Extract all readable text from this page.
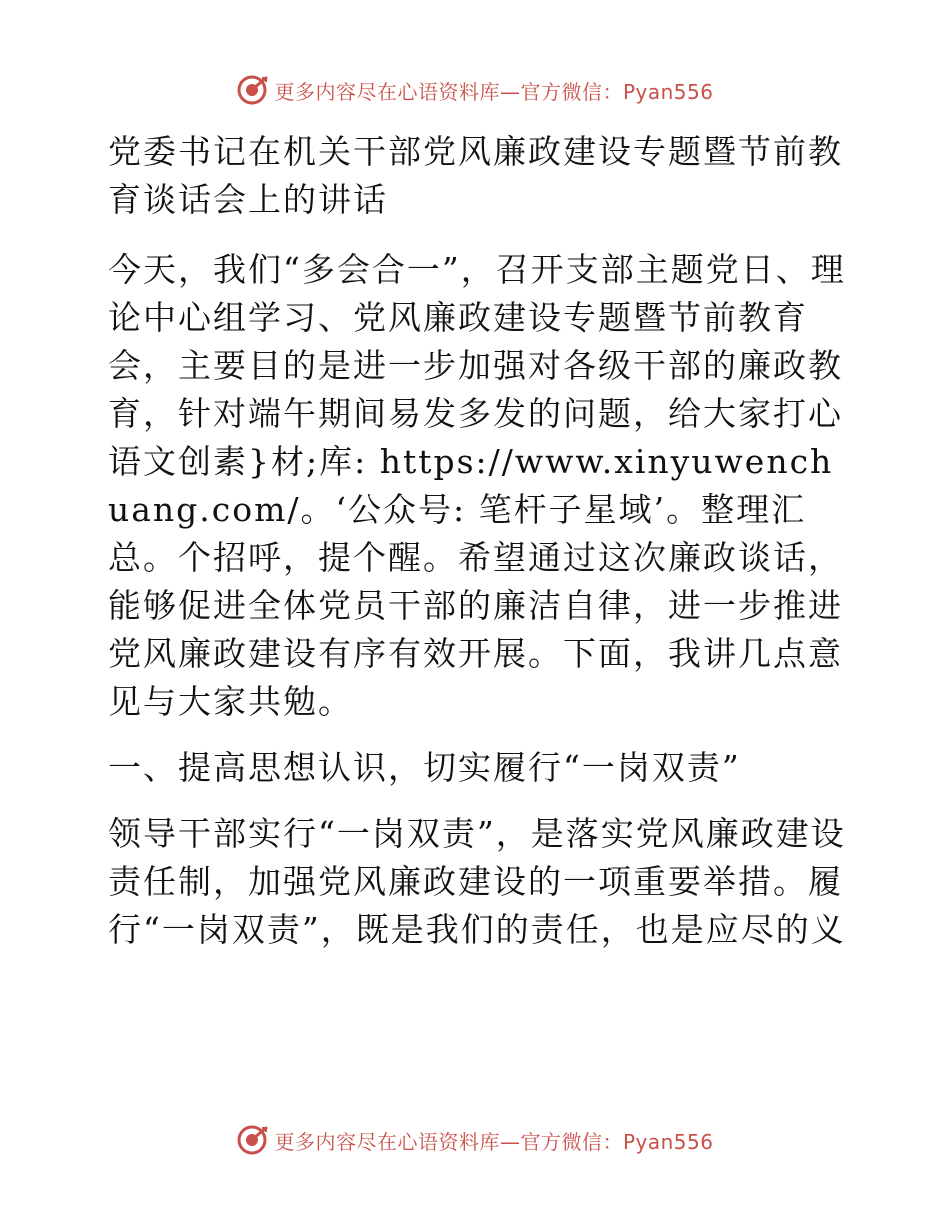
更多内容尽在心语资料库—官方微信：Pyan556

党委书记在机关干部党风廉政建设专题暨节前教育谈话会上的讲话

今天，我们“多会合一”，召开支部主题党日、理论中心组学习、党风廉政建设专题暨节前教育会，主要目的是进一步加强对各级干部的廉政教育，针对端午期间易发多发的问题，给大家打心语文创素}材;库: https://www.xinyuwenchuang.com/。‘公众号: 笔杆子星域’。整理汇总。个招呼，提个醒。希望通过这次廉政谈话，能够促进全体党员干部的廉洁自律，进一步推进党风廉政建设有序有效开展。下面，我讲几点意见与大家共勉。

一、提高思想认识，切实履行“一岗双责”

领导干部实行“一岗双责”，是落实党风廉政建设责任制，加强党风廉政建设的一项重要举措。履行“一岗双责”，既是我们的责任，也是应尽的义

更多内容尽在心语资料库—官方微信：Pyan556
